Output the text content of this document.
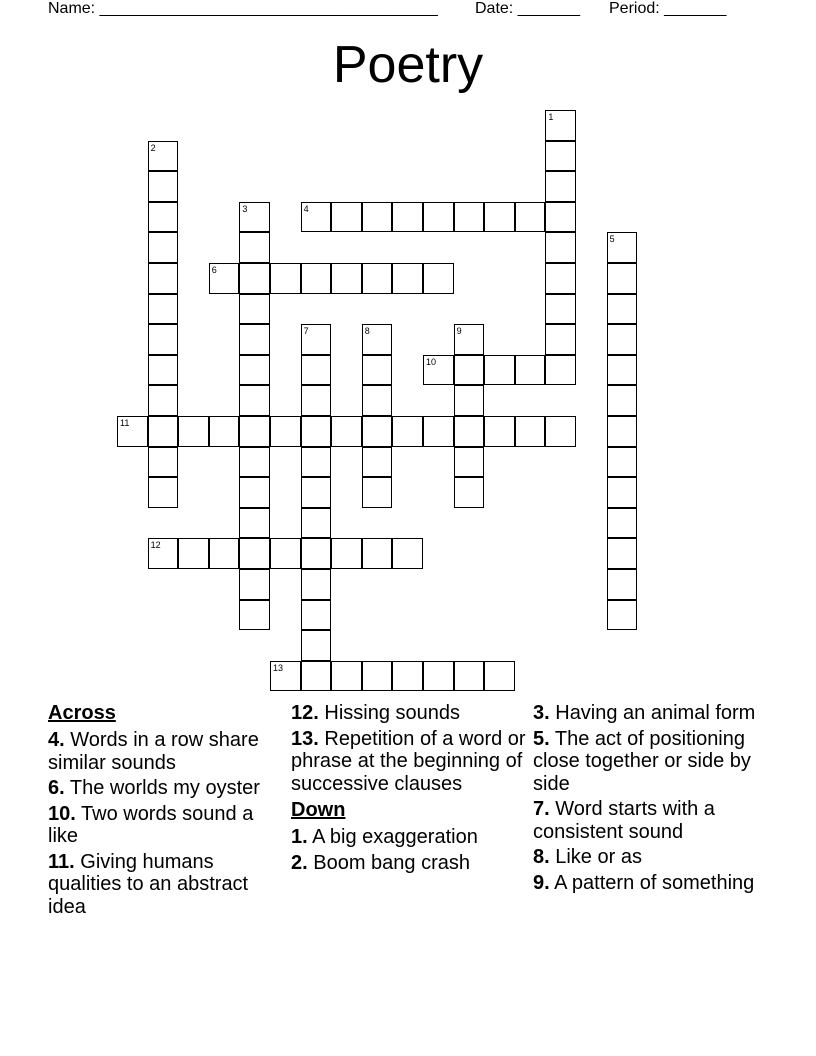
Name: ______________________________________ Date: _______ Period: _______
Poetry
1
2
3	4
5
6
7	8	9
10
11
12
13
Across
4. Words in a row share similar sounds
6. The worlds my oyster
10. Two words sound a like
11. Giving humans qualities to an abstract idea
12. Hissing sounds
13. Repetition of a word or phrase at the beginning of successive clauses
Down
1. A big exaggeration
2. Boom bang crash
3. Having an animal form
5. The act of positioning close together or side by side
7. Word starts with a consistent sound
8. Like or as
9. A pattern of something
